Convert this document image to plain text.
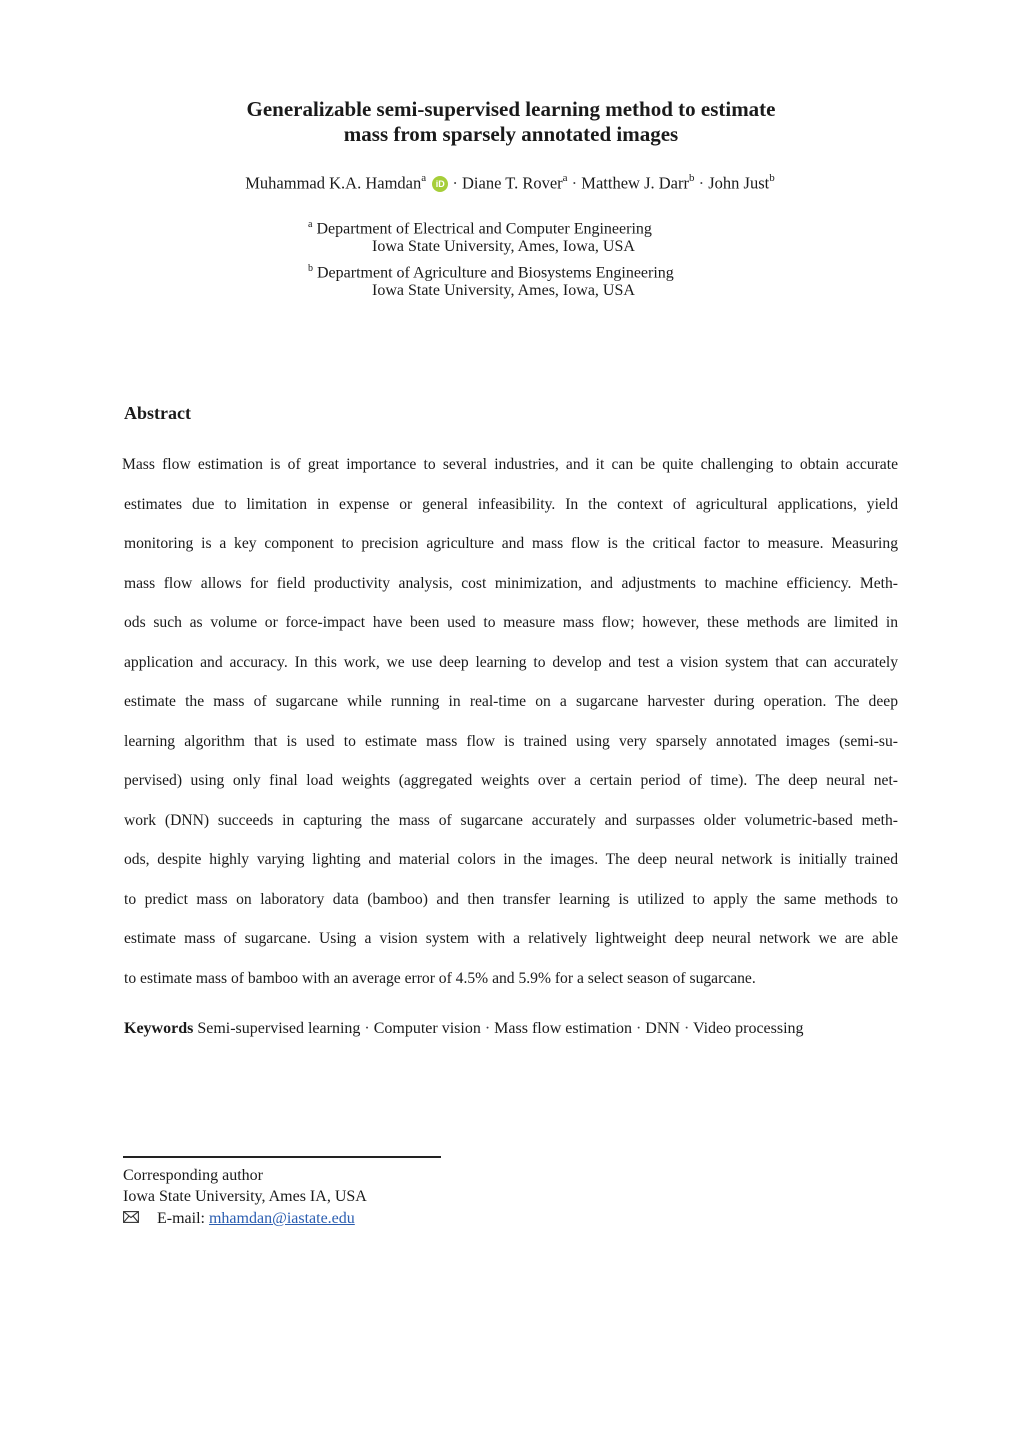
Generalizable semi-supervised learning method to estimate
mass from sparsely annotated images
Muhammad K.A. Hamdan$^a$ iD · Diane T. Rover$^a$ · Matthew J. Darr$^b$ · John Just$^b$
$^a$ Department of Electrical and Computer Engineering
Iowa State University, Ames, Iowa, USA
$^b$ Department of Agriculture and Biosystems Engineering
Iowa State University, Ames, Iowa, USA
Abstract
Mass flow estimation is of great importance to several industries, and it can be quite challenging to obtain accurate
estimates due to limitation in expense or general infeasibility. In the context of agricultural applications, yield
monitoring is a key component to precision agriculture and mass flow is the critical factor to measure. Measuring
mass flow allows for field productivity analysis, cost minimization, and adjustments to machine efficiency. Meth-
ods such as volume or force-impact have been used to measure mass flow; however, these methods are limited in
application and accuracy. In this work, we use deep learning to develop and test a vision system that can accurately
estimate the mass of sugarcane while running in real-time on a sugarcane harvester during operation. The deep
learning algorithm that is used to estimate mass flow is trained using very sparsely annotated images (semi-su-
pervised) using only final load weights (aggregated weights over a certain period of time). The deep neural net-
work (DNN) succeeds in capturing the mass of sugarcane accurately and surpasses older volumetric-based meth-
ods, despite highly varying lighting and material colors in the images. The deep neural network is initially trained
to predict mass on laboratory data (bamboo) and then transfer learning is utilized to apply the same methods to
estimate mass of sugarcane. Using a vision system with a relatively lightweight deep neural network we are able
to estimate mass of bamboo with an average error of 4.5% and 5.9% for a select season of sugarcane.
Keywords Semi-supervised learning · Computer vision · Mass flow estimation · DNN · Video processing
Corresponding author
Iowa State University, Ames IA, USA
E-mail: mhamdan@iastate.edu
